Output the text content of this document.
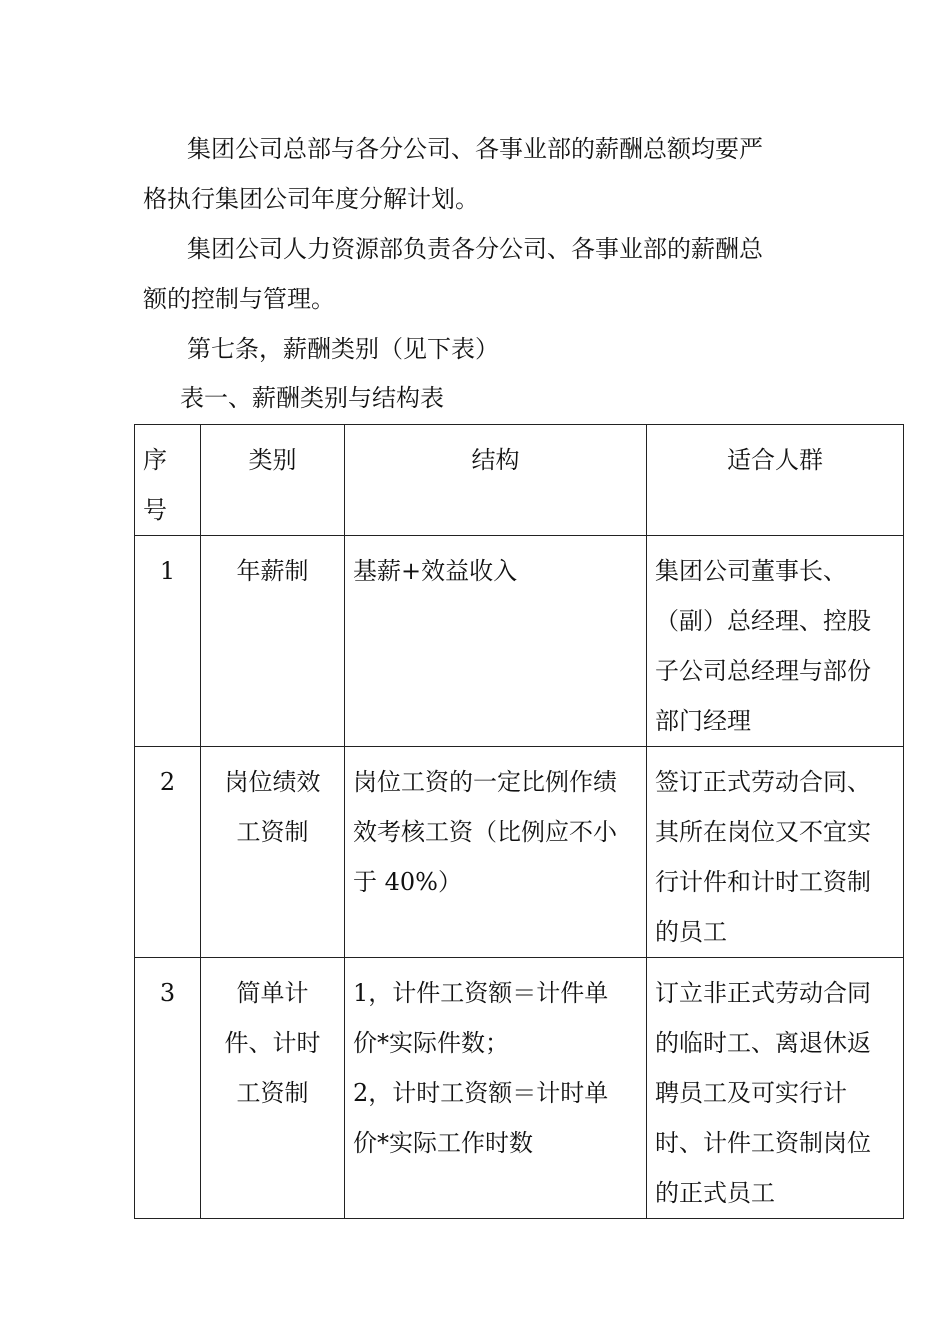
集团公司总部与各分公司、各事业部的薪酬总额均要严
格执行集团公司年度分解计划。
集团公司人力资源部负责各分公司、各事业部的薪酬总
额的控制与管理。
第七条，薪酬类别（见下表）
表一、薪酬类别与结构表
序
号	类别	结构	适合人群

1	年薪制	基薪+效益收入	集团公司董事长、
（副）总经理、控股
子公司总经理与部份
部门经理

2	岗位绩效
工资制	岗位工资的一定比例作绩
效考核工资（比例应不小
于 40%）	签订正式劳动合同、
其所在岗位又不宜实
行计件和计时工资制
的员工

3	简单计
件、计时
工资制	1，计件工资额＝计件单
价*实际件数；
2，计时工资额＝计时单
价*实际工作时数	订立非正式劳动合同
的临时工、离退休返
聘员工及可实行计
时、计件工资制岗位
的正式员工
